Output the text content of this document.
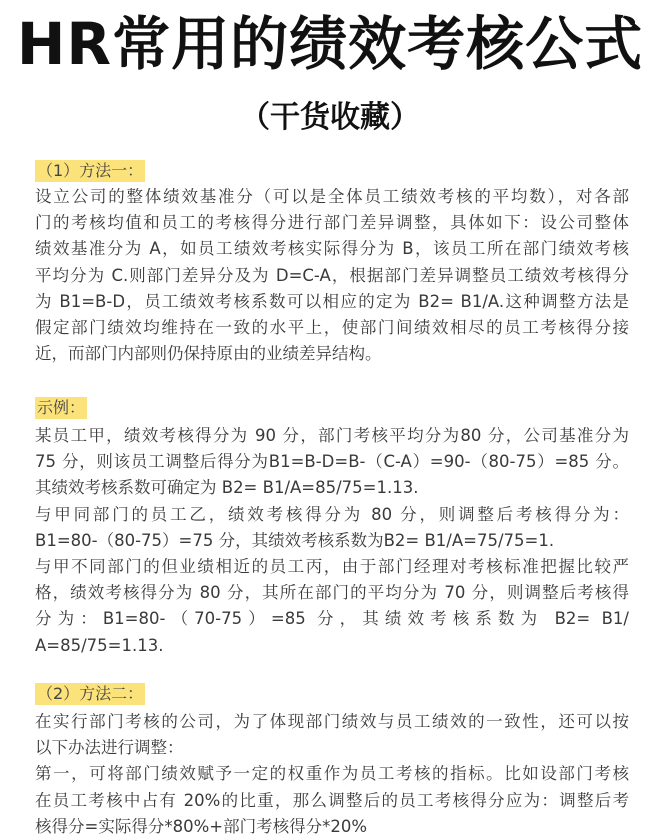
HR常用的绩效考核公式
（干货收藏）
（1）方法一：
设立公司的整体绩效基准分（可以是全体员工绩效考核的平均数），对各部
门的考核均值和员工的考核得分进行部门差异调整，具体如下：设公司整体
绩效基准分为 A，如员工绩效考核实际得分为 B，该员工所在部门绩效考核
平均分为 C.则部门差异分及为 D=C-A，根据部门差异调整员工绩效考核得分
为 B1=B-D，员工绩效考核系数可以相应的定为 B2= B1/A.这种调整方法是
假定部门绩效均维持在一致的水平上，使部门间绩效相尽的员工考核得分接
近，而部门内部则仍保持原由的业绩差异结构。
示例：
某员工甲，绩效考核得分为 90 分，部门考核平均分为80 分，公司基准分为
75 分，则该员工调整后得分为B1=B-D=B-（C-A）=90-（80-75）=85 分。
其绩效考核系数可确定为 B2= B1/A=85/75=1.13.
与甲同部门的员工乙，绩效考核得分为 80 分，则调整后考核得分为：
B1=80-（80-75）=75 分，其绩效考核系数为B2= B1/A=75/75=1.
与甲不同部门的但业绩相近的员工丙，由于部门经理对考核标准把握比较严
格，绩效考核得分为 80 分，其所在部门的平均分为 70 分，则调整后考核得
分为：B1=80-（70-75）=85 分，其绩效考核系数为 B2= B1/
A=85/75=1.13.
（2）方法二：
在实行部门考核的公司，为了体现部门绩效与员工绩效的一致性，还可以按
以下办法进行调整：
第一，可将部门绩效赋予一定的权重作为员工考核的指标。比如设部门考核
在员工考核中占有 20%的比重，那么调整后的员工考核得分应为：调整后考
核得分=实际得分*80%+部门考核得分*20%
